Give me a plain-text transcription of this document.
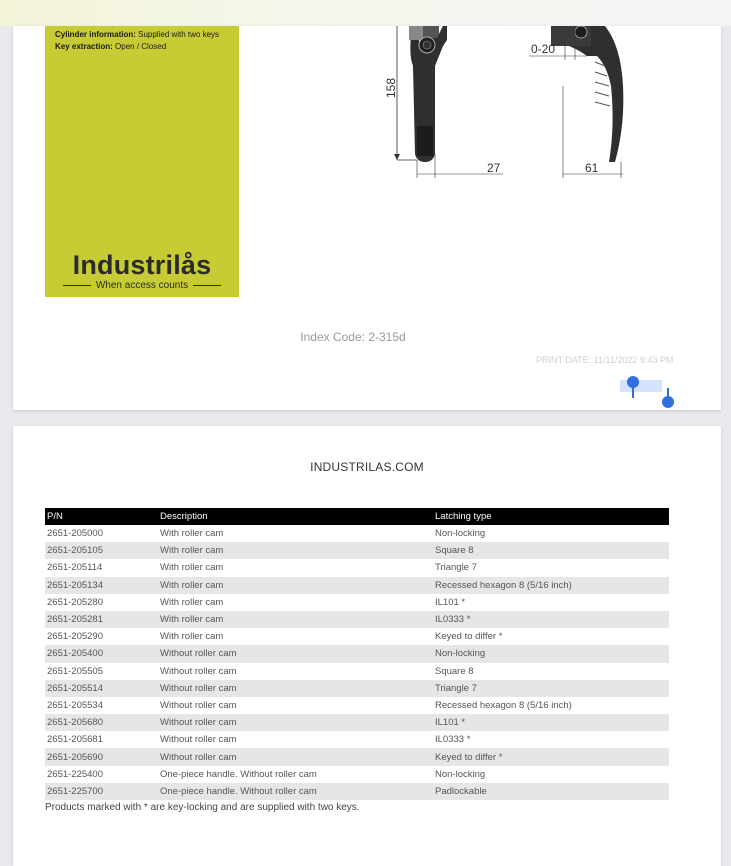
Cylinder information: Supplied with two keys
Key extraction: Open / Closed
Industrilås
When access counts
158
27
0-20
61
Index Code: 2-315d
PRINT DATE: 11/11/2022 9:43 PM
INDUSTRILAS.COM
P/N	Description	Latching type
2651-205000	With roller cam	Non-locking
2651-205105	With roller cam	Square 8
2651-205114	With roller cam	Triangle 7
2651-205134	With roller cam	Recessed hexagon 8 (5/16 inch)
2651-205280	With roller cam	IL101 *
2651-205281	With roller cam	IL0333 *
2651-205290	With roller cam	Keyed to differ *
2651-205400	Without roller cam	Non-locking
2651-205505	Without roller cam	Square 8
2651-205514	Without roller cam	Triangle 7
2651-205534	Without roller cam	Recessed hexagon 8 (5/16 inch)
2651-205680	Without roller cam	IL101 *
2651-205681	Without roller cam	IL0333 *
2651-205690	Without roller cam	Keyed to differ *
2651-225400	One-piece handle. Without roller cam	Non-locking
2651-225700	One-piece handle. Without roller cam	Padlockable
Products marked with * are key-locking and are supplied with two keys.
